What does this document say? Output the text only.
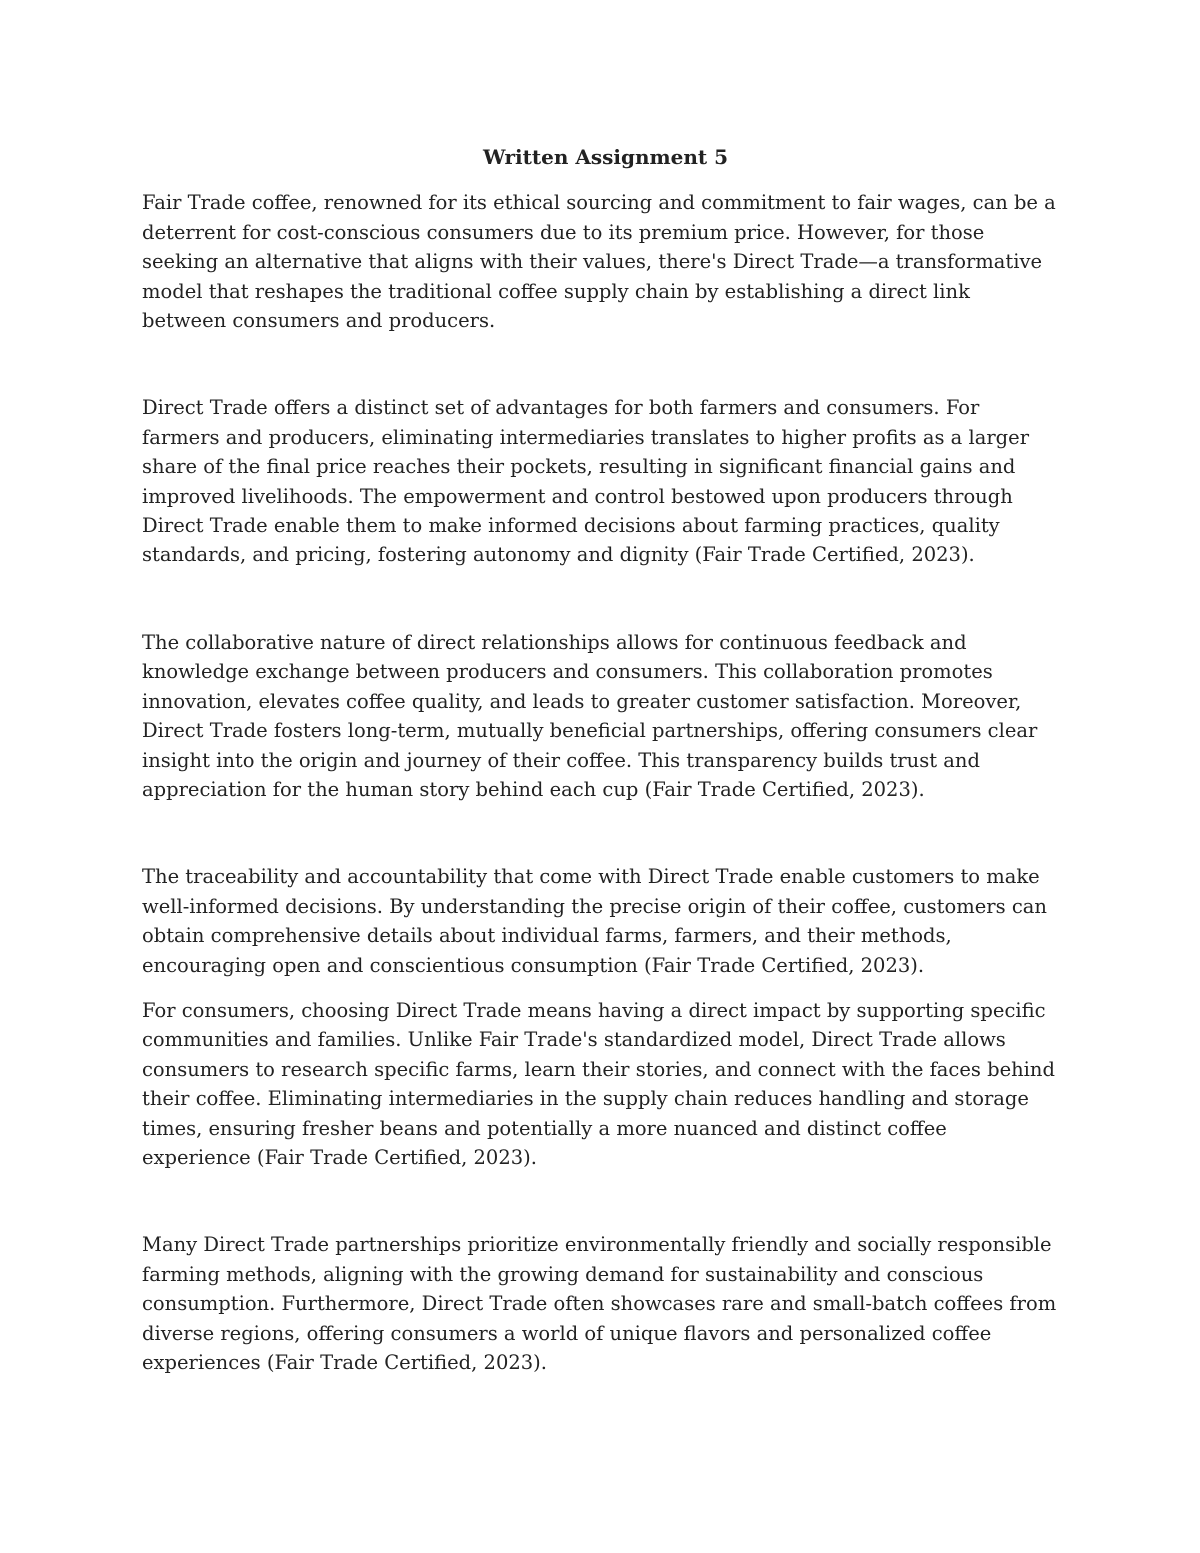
Written Assignment 5

Fair Trade coffee, renowned for its ethical sourcing and commitment to fair wages, can be a deterrent for cost-conscious consumers due to its premium price. However, for those seeking an alternative that aligns with their values, there's Direct Trade—a transformative model that reshapes the traditional coffee supply chain by establishing a direct link between consumers and producers.

Direct Trade offers a distinct set of advantages for both farmers and consumers. For farmers and producers, eliminating intermediaries translates to higher profits as a larger share of the final price reaches their pockets, resulting in significant financial gains and improved livelihoods. The empowerment and control bestowed upon producers through Direct Trade enable them to make informed decisions about farming practices, quality standards, and pricing, fostering autonomy and dignity (Fair Trade Certified, 2023).

The collaborative nature of direct relationships allows for continuous feedback and knowledge exchange between producers and consumers. This collaboration promotes innovation, elevates coffee quality, and leads to greater customer satisfaction. Moreover, Direct Trade fosters long-term, mutually beneficial partnerships, offering consumers clear insight into the origin and journey of their coffee. This transparency builds trust and appreciation for the human story behind each cup (Fair Trade Certified, 2023).

The traceability and accountability that come with Direct Trade enable customers to make well-informed decisions. By understanding the precise origin of their coffee, customers can obtain comprehensive details about individual farms, farmers, and their methods, encouraging open and conscientious consumption (Fair Trade Certified, 2023).

For consumers, choosing Direct Trade means having a direct impact by supporting specific communities and families. Unlike Fair Trade's standardized model, Direct Trade allows consumers to research specific farms, learn their stories, and connect with the faces behind their coffee. Eliminating intermediaries in the supply chain reduces handling and storage times, ensuring fresher beans and potentially a more nuanced and distinct coffee experience (Fair Trade Certified, 2023).

Many Direct Trade partnerships prioritize environmentally friendly and socially responsible farming methods, aligning with the growing demand for sustainability and conscious consumption. Furthermore, Direct Trade often showcases rare and small-batch coffees from diverse regions, offering consumers a world of unique flavors and personalized coffee experiences (Fair Trade Certified, 2023).
